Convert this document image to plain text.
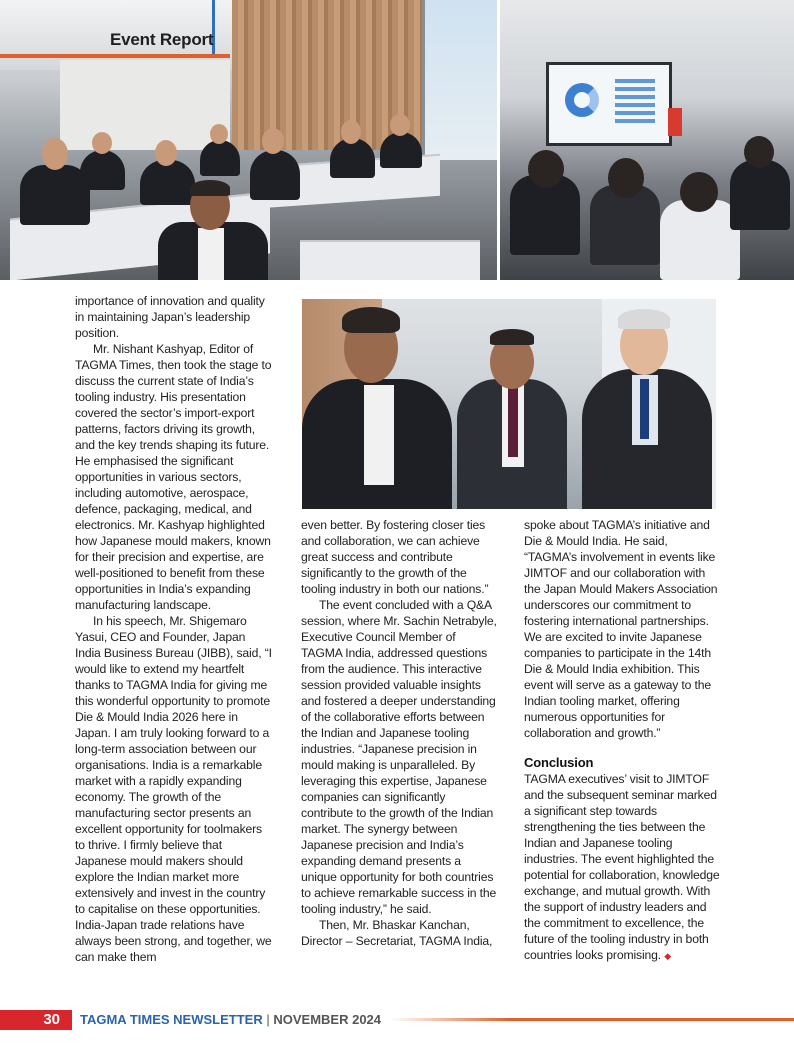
Event Report

importance of innovation and quality in maintaining Japan’s leadership position.

Mr. Nishant Kashyap, Editor of TAGMA Times, then took the stage to discuss the current state of India’s tooling industry. His presentation covered the sector’s import-export patterns, factors driving its growth, and the key trends shaping its future. He emphasised the significant opportunities in various sectors, including automotive, aerospace, defence, packaging, medical, and electronics. Mr. Kashyap highlighted how Japanese mould makers, known for their precision and expertise, are well-positioned to benefit from these opportunities in India’s expanding manufacturing landscape.

In his speech, Mr. Shigemaro Yasui, CEO and Founder, Japan India Business Bureau (JIBB), said, “I would like to extend my heartfelt thanks to TAGMA India for giving me this wonderful opportunity to promote Die & Mould India 2026 here in Japan. I am truly looking forward to a long-term association between our organisations. India is a remarkable market with a rapidly expanding economy. The growth of the manufacturing sector presents an excellent opportunity for toolmakers to thrive. I firmly believe that Japanese mould makers should explore the Indian market more extensively and invest in the country to capitalise on these opportunities. India-Japan trade relations have always been strong, and together, we can make them

even better. By fostering closer ties and collaboration, we can achieve great success and contribute significantly to the growth of the tooling industry in both our nations.”

The event concluded with a Q&A session, where Mr. Sachin Netrabyle, Executive Council Member of TAGMA India, addressed questions from the audience. This interactive session provided valuable insights and fostered a deeper understanding of the collaborative efforts between the Indian and Japanese tooling industries. “Japanese precision in mould making is unparalleled. By leveraging this expertise, Japanese companies can significantly contribute to the growth of the Indian market. The synergy between Japanese precision and India’s expanding demand presents a unique opportunity for both countries to achieve remarkable success in the tooling industry,” he said.

Then, Mr. Bhaskar Kanchan, Director – Secretariat, TAGMA India,

spoke about TAGMA’s initiative and Die & Mould India. He said, “TAGMA’s involvement in events like JIMTOF and our collaboration with the Japan Mould Makers Association underscores our commitment to fostering international partnerships. We are excited to invite Japanese companies to participate in the 14th Die & Mould India exhibition. This event will serve as a gateway to the Indian tooling market, offering numerous opportunities for collaboration and growth.”

Conclusion

TAGMA executives’ visit to JIMTOF and the subsequent seminar marked a significant step towards strengthening the ties between the Indian and Japanese tooling industries. The event highlighted the potential for collaboration, knowledge exchange, and mutual growth. With the support of industry leaders and the commitment to excellence, the future of the tooling industry in both countries looks promising. ◆

30	TAGMA TIMES NEWSLETTER | NOVEMBER 2024
